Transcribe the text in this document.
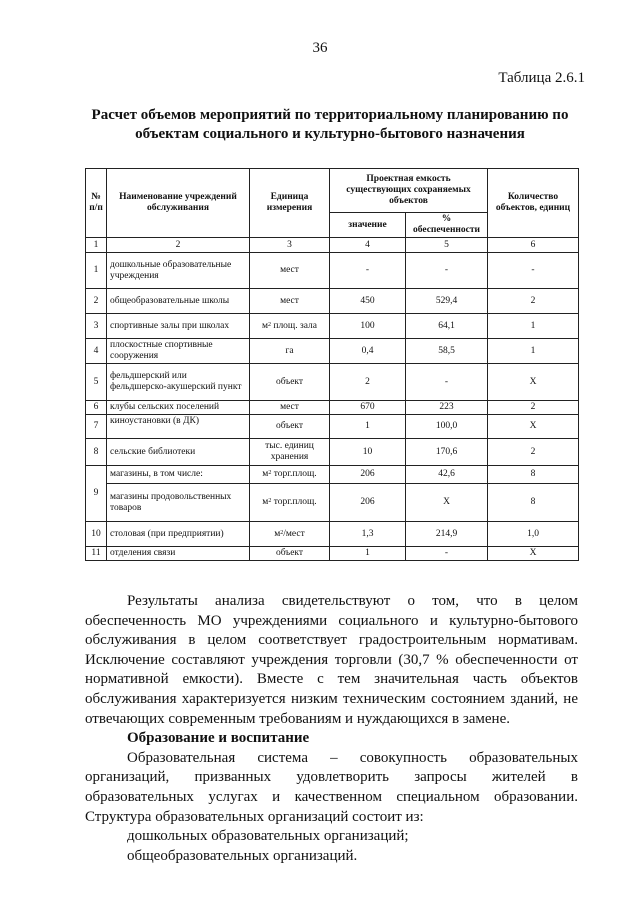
36
Таблица 2.6.1
Расчет объемов мероприятий по территориальному планированию по
объектам социального и культурно-бытового назначения
№ п/п	Наименование учреждений обслуживания	Единица измерения	Проектная емкость существующих сохраняемых объектов		Количество объектов, единиц
			значение	% обеспеченности	
1	2	3	4	5	6
1	дошкольные образовательные учреждения	мест	-	-	-
2	общеобразовательные школы	мест	450	529,4	2
3	спортивные залы при школах	$м^2$ площ. зала	100	64,1	1
4	плоскостные спортивные сооружения	га	0,4	58,5	1
5	фельдшерский или фельдшерско-акушерский пункт	объект	2	-	Х
6	клубы сельских поселений	мест	670	223	2
7	киноустановки (в ДК)	объект	1	100,0	Х
8	сельские библиотеки	тыс. единиц хранения	10	170,6	2
9	магазины, в том числе:	$м^2$ торг.площ.	206	42,6	8
	магазины продовольственных товаров	$м^2$ торг.площ.	206	Х	8
10	столовая (при предприятии)	$м^2$/мест	1,3	214,9	1,0
11	отделения связи	объект	1	-	Х

Результаты анализа свидетельствуют о том, что в целом обеспеченность МО учреждениями социального и культурно-бытового обслуживания в целом соответствует градостроительным нормативам. Исключение составляют учреждения торговли (30,7 % обеспеченности от нормативной емкости). Вместе с тем значительная часть объектов обслуживания характеризуется низким техническим состоянием зданий, не отвечающих современным требованиям и нуждающихся в замене.

Образование и воспитание

Образовательная система – совокупность образовательных организаций, призванных удовлетворить запросы жителей в образовательных услугах и качественном специальном образовании. Структура образовательных организаций состоит из:

дошкольных образовательных организаций;

общеобразовательных организаций.
